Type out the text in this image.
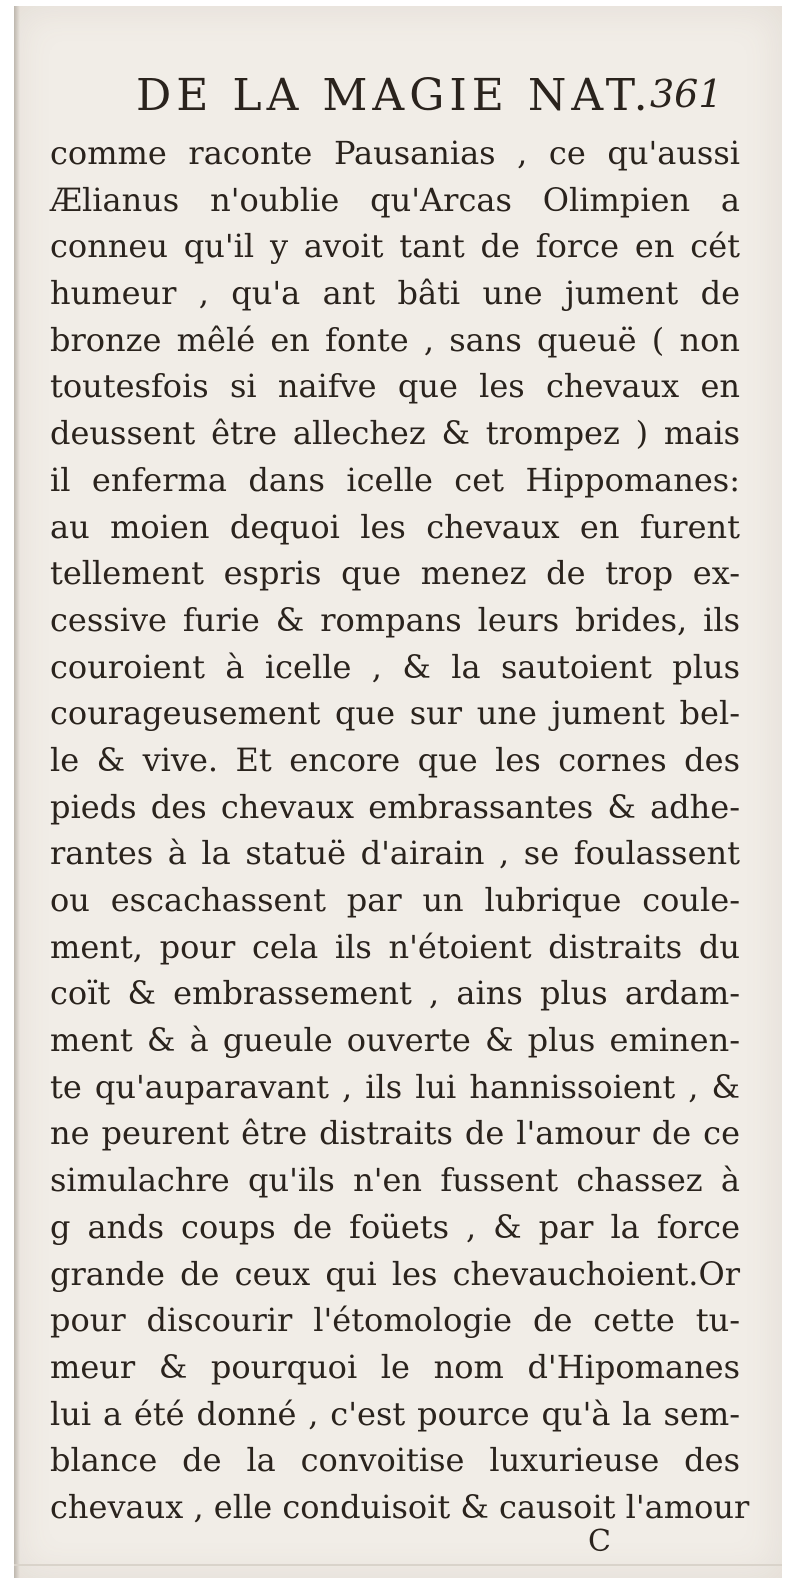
DE LA MAGIE NAT.
361
comme raconte Pausanias , ce qu'aussi
Ælianus n'oublie qu'Arcas Olimpien a
conneu qu'il y avoit tant de force en cét
humeur , qu'a ant bâti une jument de
bronze mêlé en fonte , sans queuë ( non
toutesfois si naifve que les chevaux en
deussent être allechez & trompez ) mais
il enferma dans icelle cet Hippomanes:
au moien dequoi les chevaux en furent
tellement espris que menez de trop ex-
cessive furie & rompans leurs brides, ils
couroient à icelle , & la sautoient plus
courageusement que sur une jument bel-
le & vive. Et encore que les cornes des
pieds des chevaux embrassantes & adhe-
rantes à la statuë d'airain , se foulassent
ou escachassent par un lubrique coule-
ment, pour cela ils n'étoient distraits du
coït & embrassement , ains plus ardam-
ment & à gueule ouverte & plus eminen-
te qu'auparavant , ils lui hannissoient , &
ne peurent être distraits de l'amour de ce
simulachre qu'ils n'en fussent chassez à
g ands coups de foüets , & par la force
grande de ceux qui les chevauchoient.Or
pour discourir l'étomologie de cette tu-
meur & pourquoi le nom d'Hipomanes
lui a été donné , c'est pource qu'à la sem-
blance de la convoitise luxurieuse des
chevaux , elle conduisoit & causoit l'amour
C
